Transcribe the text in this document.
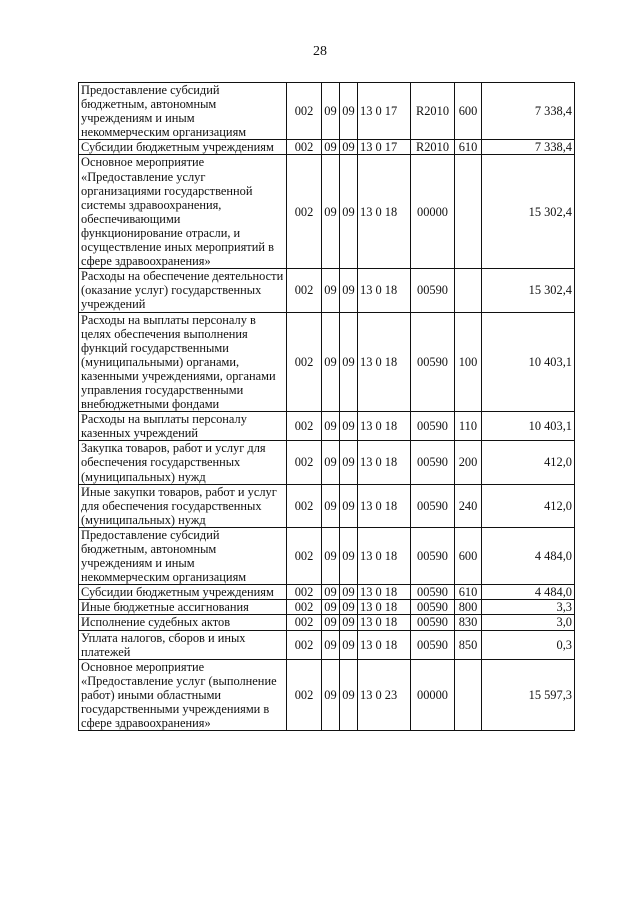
28
Предоставление субсидий бюджетным, автономным учреждениям и иным некоммерческим организациям	002	09	09	13 0 17	R2010	600	7 338,4
Субсидии бюджетным учреждениям	002	09	09	13 0 17	R2010	610	7 338,4
Основное мероприятие «Предоставление услуг организациями государственной системы здравоохранения, обеспечивающими функционирование отрасли, и осуществление иных мероприятий в сфере здравоохранения»	002	09	09	13 0 18	00000		15 302,4
Расходы на обеспечение деятельности (оказание услуг) государственных учреждений	002	09	09	13 0 18	00590		15 302,4
Расходы на выплаты персоналу в целях обеспечения выполнения функций государственными (муниципальными) органами, казенными учреждениями, органами управления государственными внебюджетными фондами	002	09	09	13 0 18	00590	100	10 403,1
Расходы на выплаты персоналу казенных учреждений	002	09	09	13 0 18	00590	110	10 403,1
Закупка товаров, работ и услуг для обеспечения государственных (муниципальных) нужд	002	09	09	13 0 18	00590	200	412,0
Иные закупки товаров, работ и услуг для обеспечения государственных (муниципальных) нужд	002	09	09	13 0 18	00590	240	412,0
Предоставление субсидий бюджетным, автономным учреждениям и иным некоммерческим организациям	002	09	09	13 0 18	00590	600	4 484,0
Субсидии бюджетным учреждениям	002	09	09	13 0 18	00590	610	4 484,0
Иные бюджетные ассигнования	002	09	09	13 0 18	00590	800	3,3
Исполнение судебных актов	002	09	09	13 0 18	00590	830	3,0
Уплата налогов, сборов и иных платежей	002	09	09	13 0 18	00590	850	0,3
Основное мероприятие «Предоставление услуг (выполнение работ) иными областными государственными учреждениями в сфере здравоохранения»	002	09	09	13 0 23	00000		15 597,3
